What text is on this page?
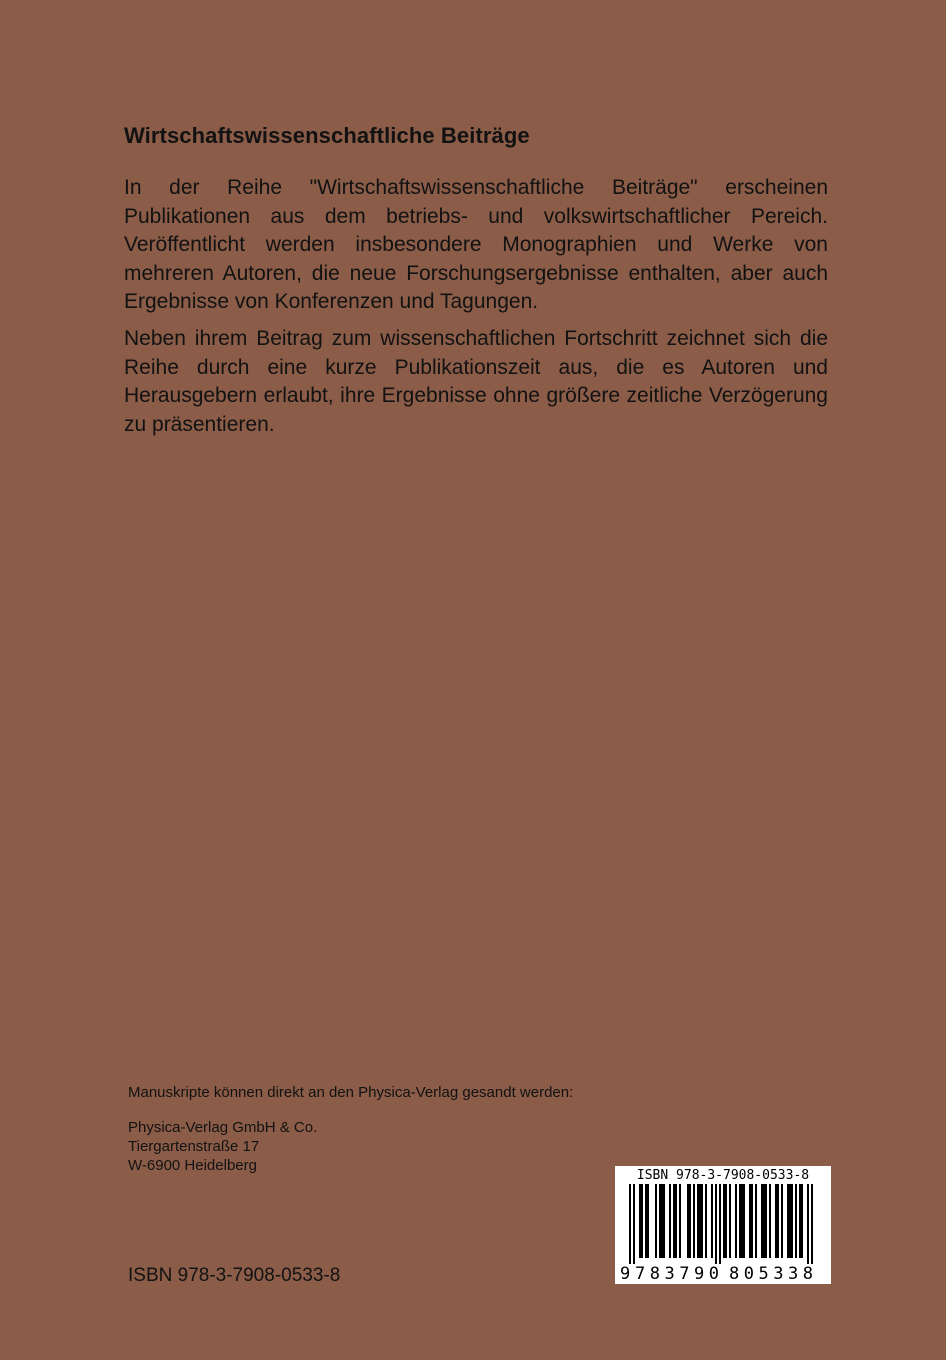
Wirtschaftswissenschaftliche Beiträge

In der Reihe "Wirtschaftswissenschaftliche Beiträge" erscheinen Publikationen aus dem betriebs- und volkswirtschaftlicher Pereich. Veröffentlicht werden insbesondere Monographien und Werke von mehreren Autoren, die neue Forschungsergebnisse enthalten, aber auch Ergebnisse von Konferenzen und Tagungen.

Neben ihrem Beitrag zum wissenschaftlichen Fortschritt zeichnet sich die Reihe durch eine kurze Publikationszeit aus, die es Autoren und Herausgebern erlaubt, ihre Ergebnisse ohne größere zeitliche Verzögerung zu präsentieren.

Manuskripte können direkt an den Physica-Verlag gesandt werden:
Physica-Verlag GmbH & Co.
Tiergartenstraße 17
W-6900 Heidelberg
ISBN 978-3-7908-0533-8
9 783790 805338
ISBN 978-3-7908-0533-8
